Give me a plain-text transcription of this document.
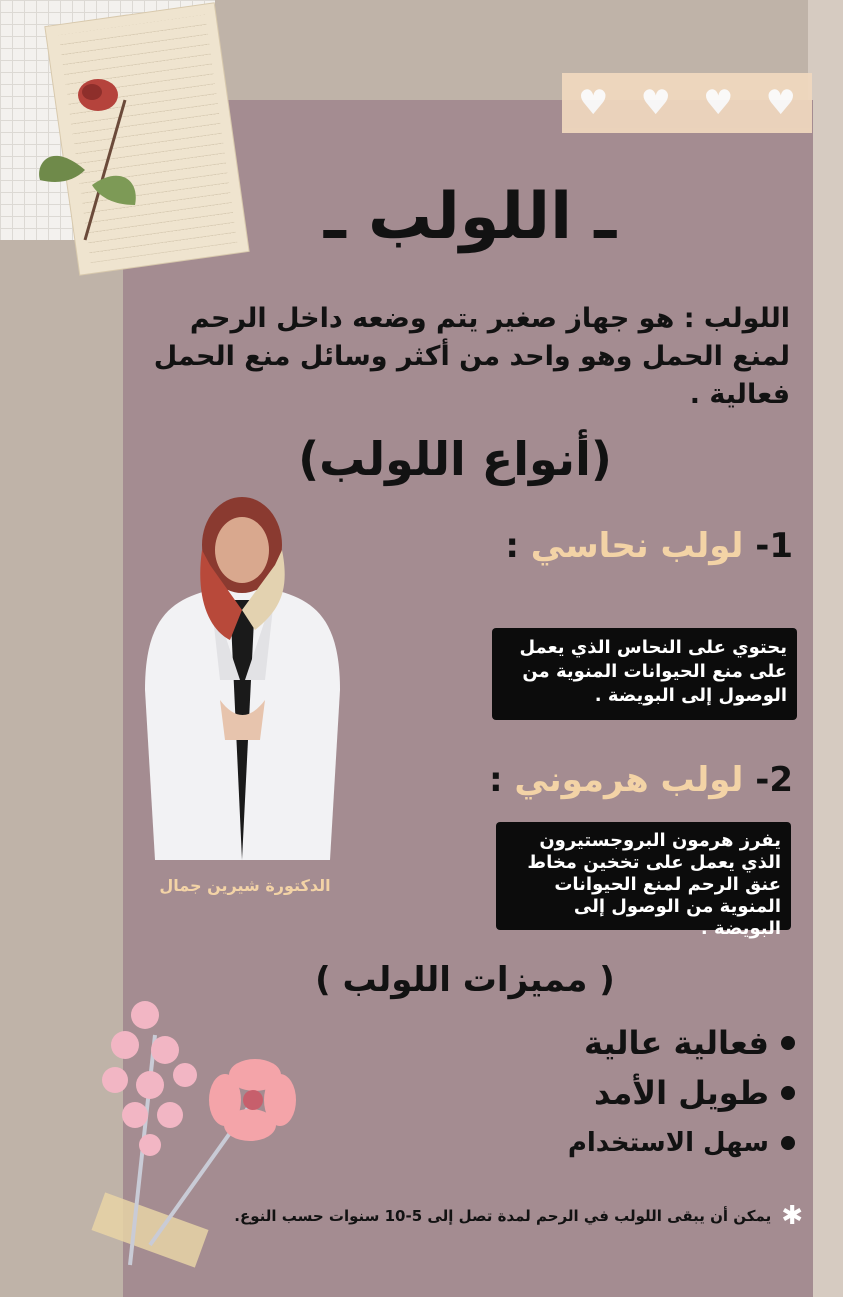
♥ ♥ ♥ ♥
ـ اللولب ـ
اللولب : هو جهاز صغير يتم وضعه داخل الرحم لمنع الحمل وهو واحد من أكثر وسائل منع الحمل فعالية .
(أنواع اللولب)
1- لولب نحاسي :
يحتوي على النحاس الذي يعمل على منع الحيوانات المنوية من الوصول إلى البويضة .
2- لولب هرموني :
يفرز هرمون البروجستيرون الذي يعمل على تخخين مخاط عنق الرحم لمنع الحيوانات المنوية من الوصول إلى البويضة .
الدكتورة شيرين جمال
( مميزات اللولب )
فعالية عالية
طويل الأمد
سهل الاستخدام
✱
يمكن أن يبقى اللولب في الرحم لمدة تصل إلى 5-10 سنوات حسب النوع.
